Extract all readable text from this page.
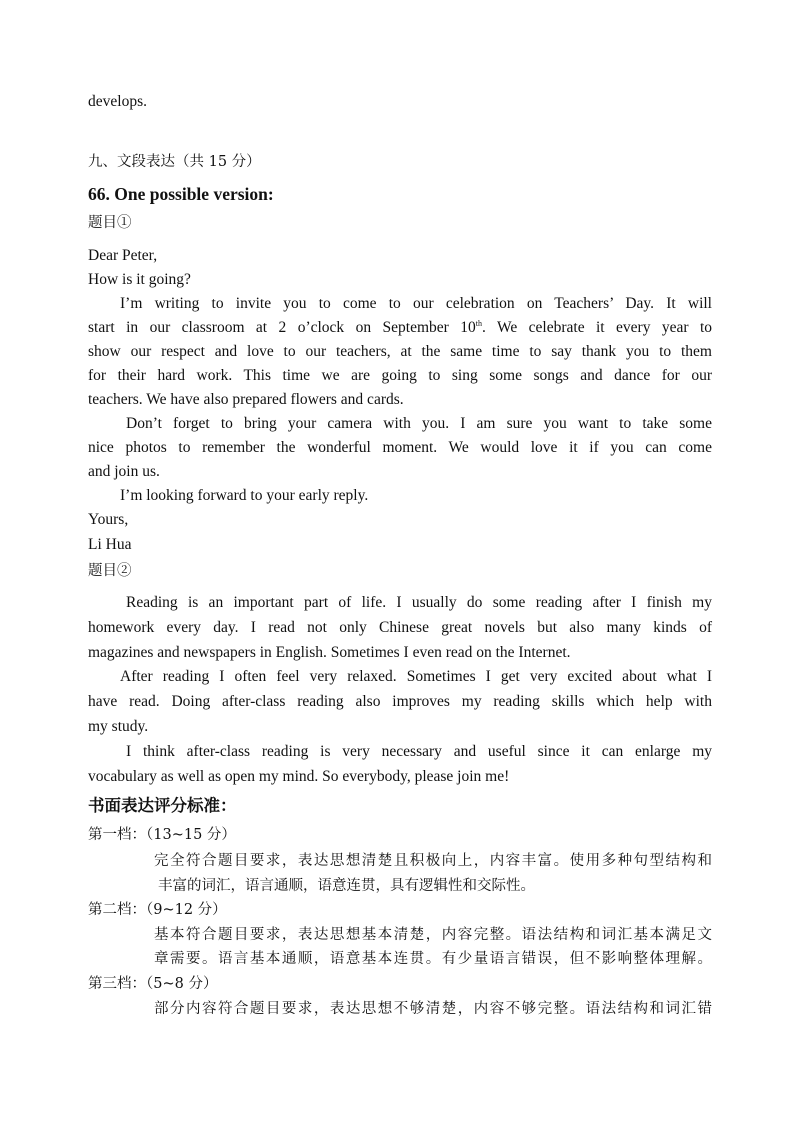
develops.
九、文段表达（共 15 分）
66. One possible version:
题目①
Dear Peter,
How is it going?
I’m writing to invite you to come to our celebration on Teachers’ Day. It will
start in our classroom at 2 o’clock on September 10th. We celebrate it every year to
show our respect and love to our teachers, at the same time to say thank you to them
for their hard work. This time we are going to sing some songs and dance for our
teachers. We have also prepared flowers and cards.
Don’t forget to bring your camera with you. I am sure you want to take some
nice photos to remember the wonderful moment. We would love it if you can come
and join us.
I’m looking forward to your early reply.
Yours,
Li Hua
题目②
Reading is an important part of life. I usually do some reading after I finish my
homework every day. I read not only Chinese great novels but also many kinds of
magazines and newspapers in English. Sometimes I even read on the Internet.
After reading I often feel very relaxed. Sometimes I get very excited about what I
have read. Doing after-class reading also improves my reading skills which help with
my study.
I think after-class reading is very necessary and useful since it can enlarge my
vocabulary as well as open my mind. So everybody, please join me!
书面表达评分标准：
第一档：（13~15 分）
完全符合题目要求，表达思想清楚且积极向上，内容丰富。使用多种句型结构和
丰富的词汇，语言通顺，语意连贯，具有逻辑性和交际性。
第二档：（9~12 分）
基本符合题目要求，表达思想基本清楚，内容完整。语法结构和词汇基本满足文
章需要。语言基本通顺，语意基本连贯。有少量语言错误，但不影响整体理解。
第三档：（5~8 分）
部分内容符合题目要求，表达思想不够清楚，内容不够完整。语法结构和词汇错
